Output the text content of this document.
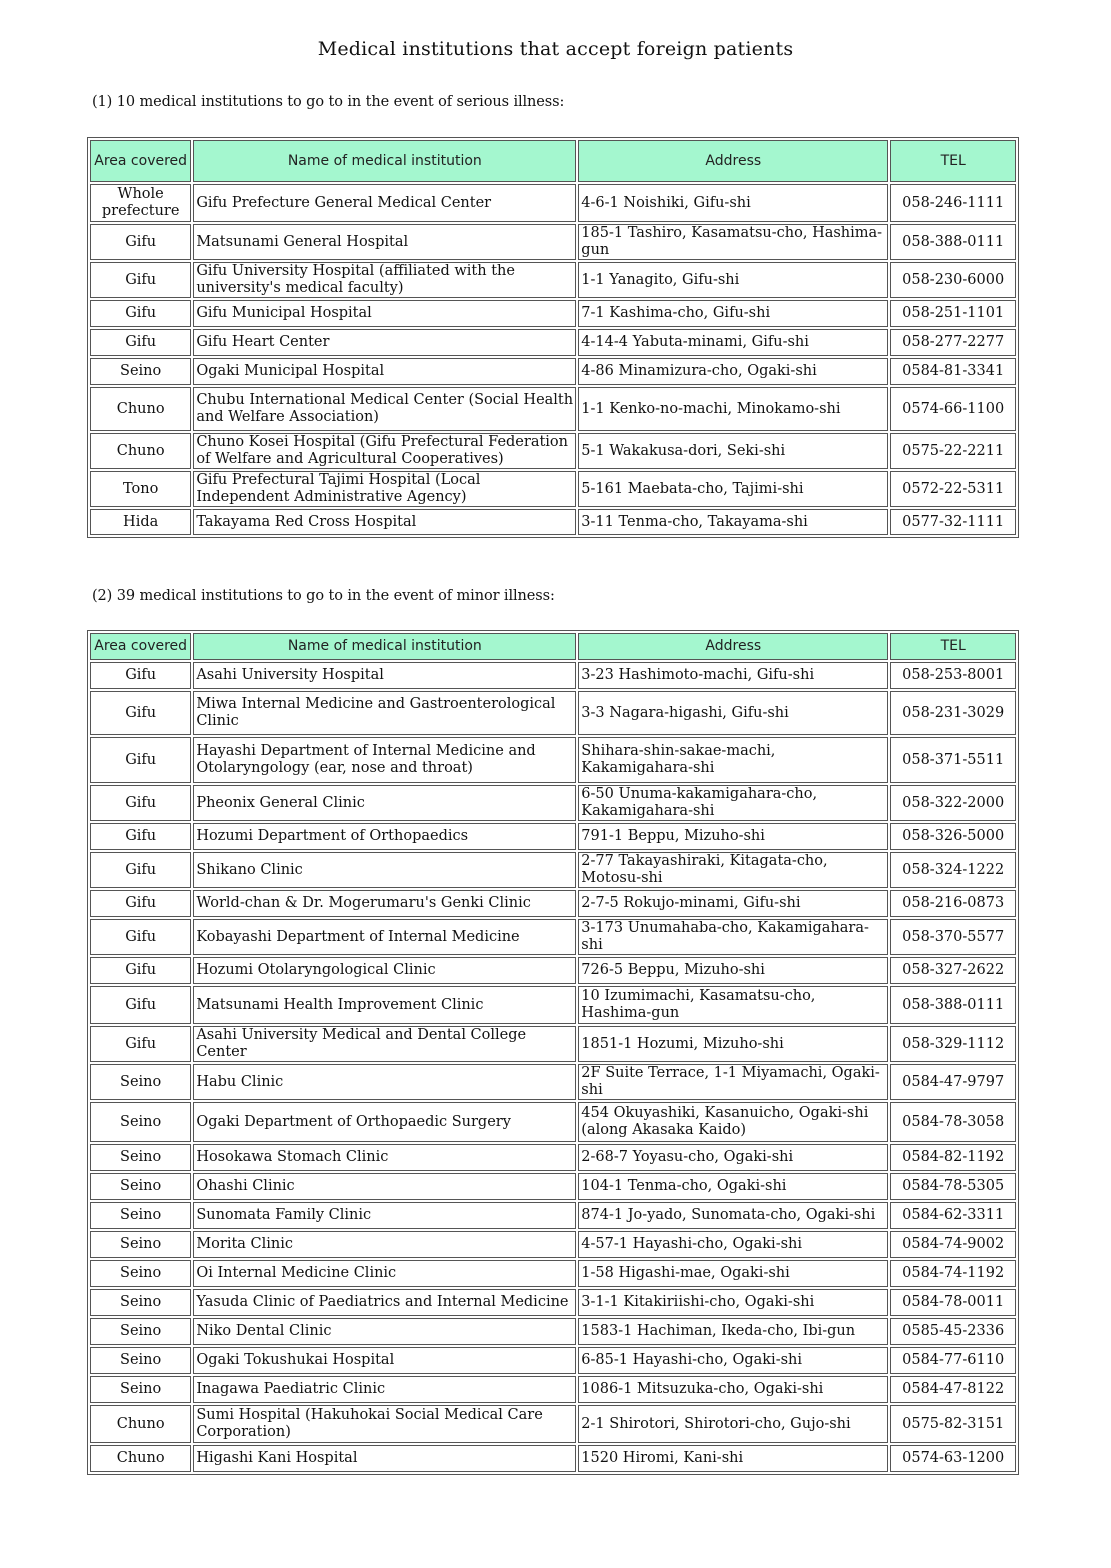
Medical institutions that accept foreign patients
(1) 10 medical institutions to go to in the event of serious illness:
Area covered	Name of medical institution	Address	TEL
Whole prefecture	Gifu Prefecture General Medical Center	4-6-1 Noishiki, Gifu-shi	058-246-1111
Gifu	Matsunami General Hospital	185-1 Tashiro, Kasamatsu-cho, Hashima-gun	058-388-0111
Gifu	Gifu University Hospital (affiliated with the university's medical faculty)	1-1 Yanagito, Gifu-shi	058-230-6000
Gifu	Gifu Municipal Hospital	7-1 Kashima-cho, Gifu-shi	058-251-1101
Gifu	Gifu Heart Center	4-14-4 Yabuta-minami, Gifu-shi	058-277-2277
Seino	Ogaki Municipal Hospital	4-86 Minamizura-cho, Ogaki-shi	0584-81-3341
Chuno	Chubu International Medical Center (Social Health and Welfare Association)	1-1 Kenko-no-machi, Minokamo-shi	0574-66-1100
Chuno	Chuno Kosei Hospital (Gifu Prefectural Federation of Welfare and Agricultural Cooperatives)	5-1 Wakakusa-dori, Seki-shi	0575-22-2211
Tono	Gifu Prefectural Tajimi Hospital (Local Independent Administrative Agency)	5-161 Maebata-cho, Tajimi-shi	0572-22-5311
Hida	Takayama Red Cross Hospital	3-11 Tenma-cho, Takayama-shi	0577-32-1111
(2) 39 medical institutions to go to in the event of minor illness:
Area covered	Name of medical institution	Address	TEL
Gifu	Asahi University Hospital	3-23 Hashimoto-machi, Gifu-shi	058-253-8001
Gifu	Miwa Internal Medicine and Gastroenterological Clinic	3-3 Nagara-higashi, Gifu-shi	058-231-3029
Gifu	Hayashi Department of Internal Medicine and Otolaryngology (ear, nose and throat)	Shihara-shin-sakae-machi, Kakamigahara-shi	058-371-5511
Gifu	Pheonix General Clinic	6-50 Unuma-kakamigahara-cho, Kakamigahara-shi	058-322-2000
Gifu	Hozumi Department of Orthopaedics	791-1 Beppu, Mizuho-shi	058-326-5000
Gifu	Shikano Clinic	2-77 Takayashiraki, Kitagata-cho, Motosu-shi	058-324-1222
Gifu	World-chan & Dr. Mogerumaru's Genki Clinic	2-7-5 Rokujo-minami, Gifu-shi	058-216-0873
Gifu	Kobayashi Department of Internal Medicine	3-173 Unumahaba-cho, Kakamigahara-shi	058-370-5577
Gifu	Hozumi Otolaryngological Clinic	726-5 Beppu, Mizuho-shi	058-327-2622
Gifu	Matsunami Health Improvement Clinic	10 Izumimachi, Kasamatsu-cho, Hashima-gun	058-388-0111
Gifu	Asahi University Medical and Dental College Center	1851-1 Hozumi, Mizuho-shi	058-329-1112
Seino	Habu Clinic	2F Suite Terrace, 1-1 Miyamachi, Ogaki-shi	0584-47-9797
Seino	Ogaki Department of Orthopaedic Surgery	454 Okuyashiki, Kasanuicho, Ogaki-shi (along Akasaka Kaido)	0584-78-3058
Seino	Hosokawa Stomach Clinic	2-68-7 Yoyasu-cho, Ogaki-shi	0584-82-1192
Seino	Ohashi Clinic	104-1 Tenma-cho, Ogaki-shi	0584-78-5305
Seino	Sunomata Family Clinic	874-1 Jo-yado, Sunomata-cho, Ogaki-shi	0584-62-3311
Seino	Morita Clinic	4-57-1 Hayashi-cho, Ogaki-shi	0584-74-9002
Seino	Oi Internal Medicine Clinic	1-58 Higashi-mae, Ogaki-shi	0584-74-1192
Seino	Yasuda Clinic of Paediatrics and Internal Medicine	3-1-1 Kitakiriishi-cho, Ogaki-shi	0584-78-0011
Seino	Niko Dental Clinic	1583-1 Hachiman, Ikeda-cho, Ibi-gun	0585-45-2336
Seino	Ogaki Tokushukai Hospital	6-85-1 Hayashi-cho, Ogaki-shi	0584-77-6110
Seino	Inagawa Paediatric Clinic	1086-1 Mitsuzuka-cho, Ogaki-shi	0584-47-8122
Chuno	Sumi Hospital (Hakuhokai Social Medical Care Corporation)	2-1 Shirotori, Shirotori-cho, Gujo-shi	0575-82-3151
Chuno	Higashi Kani Hospital	1520 Hiromi, Kani-shi	0574-63-1200
